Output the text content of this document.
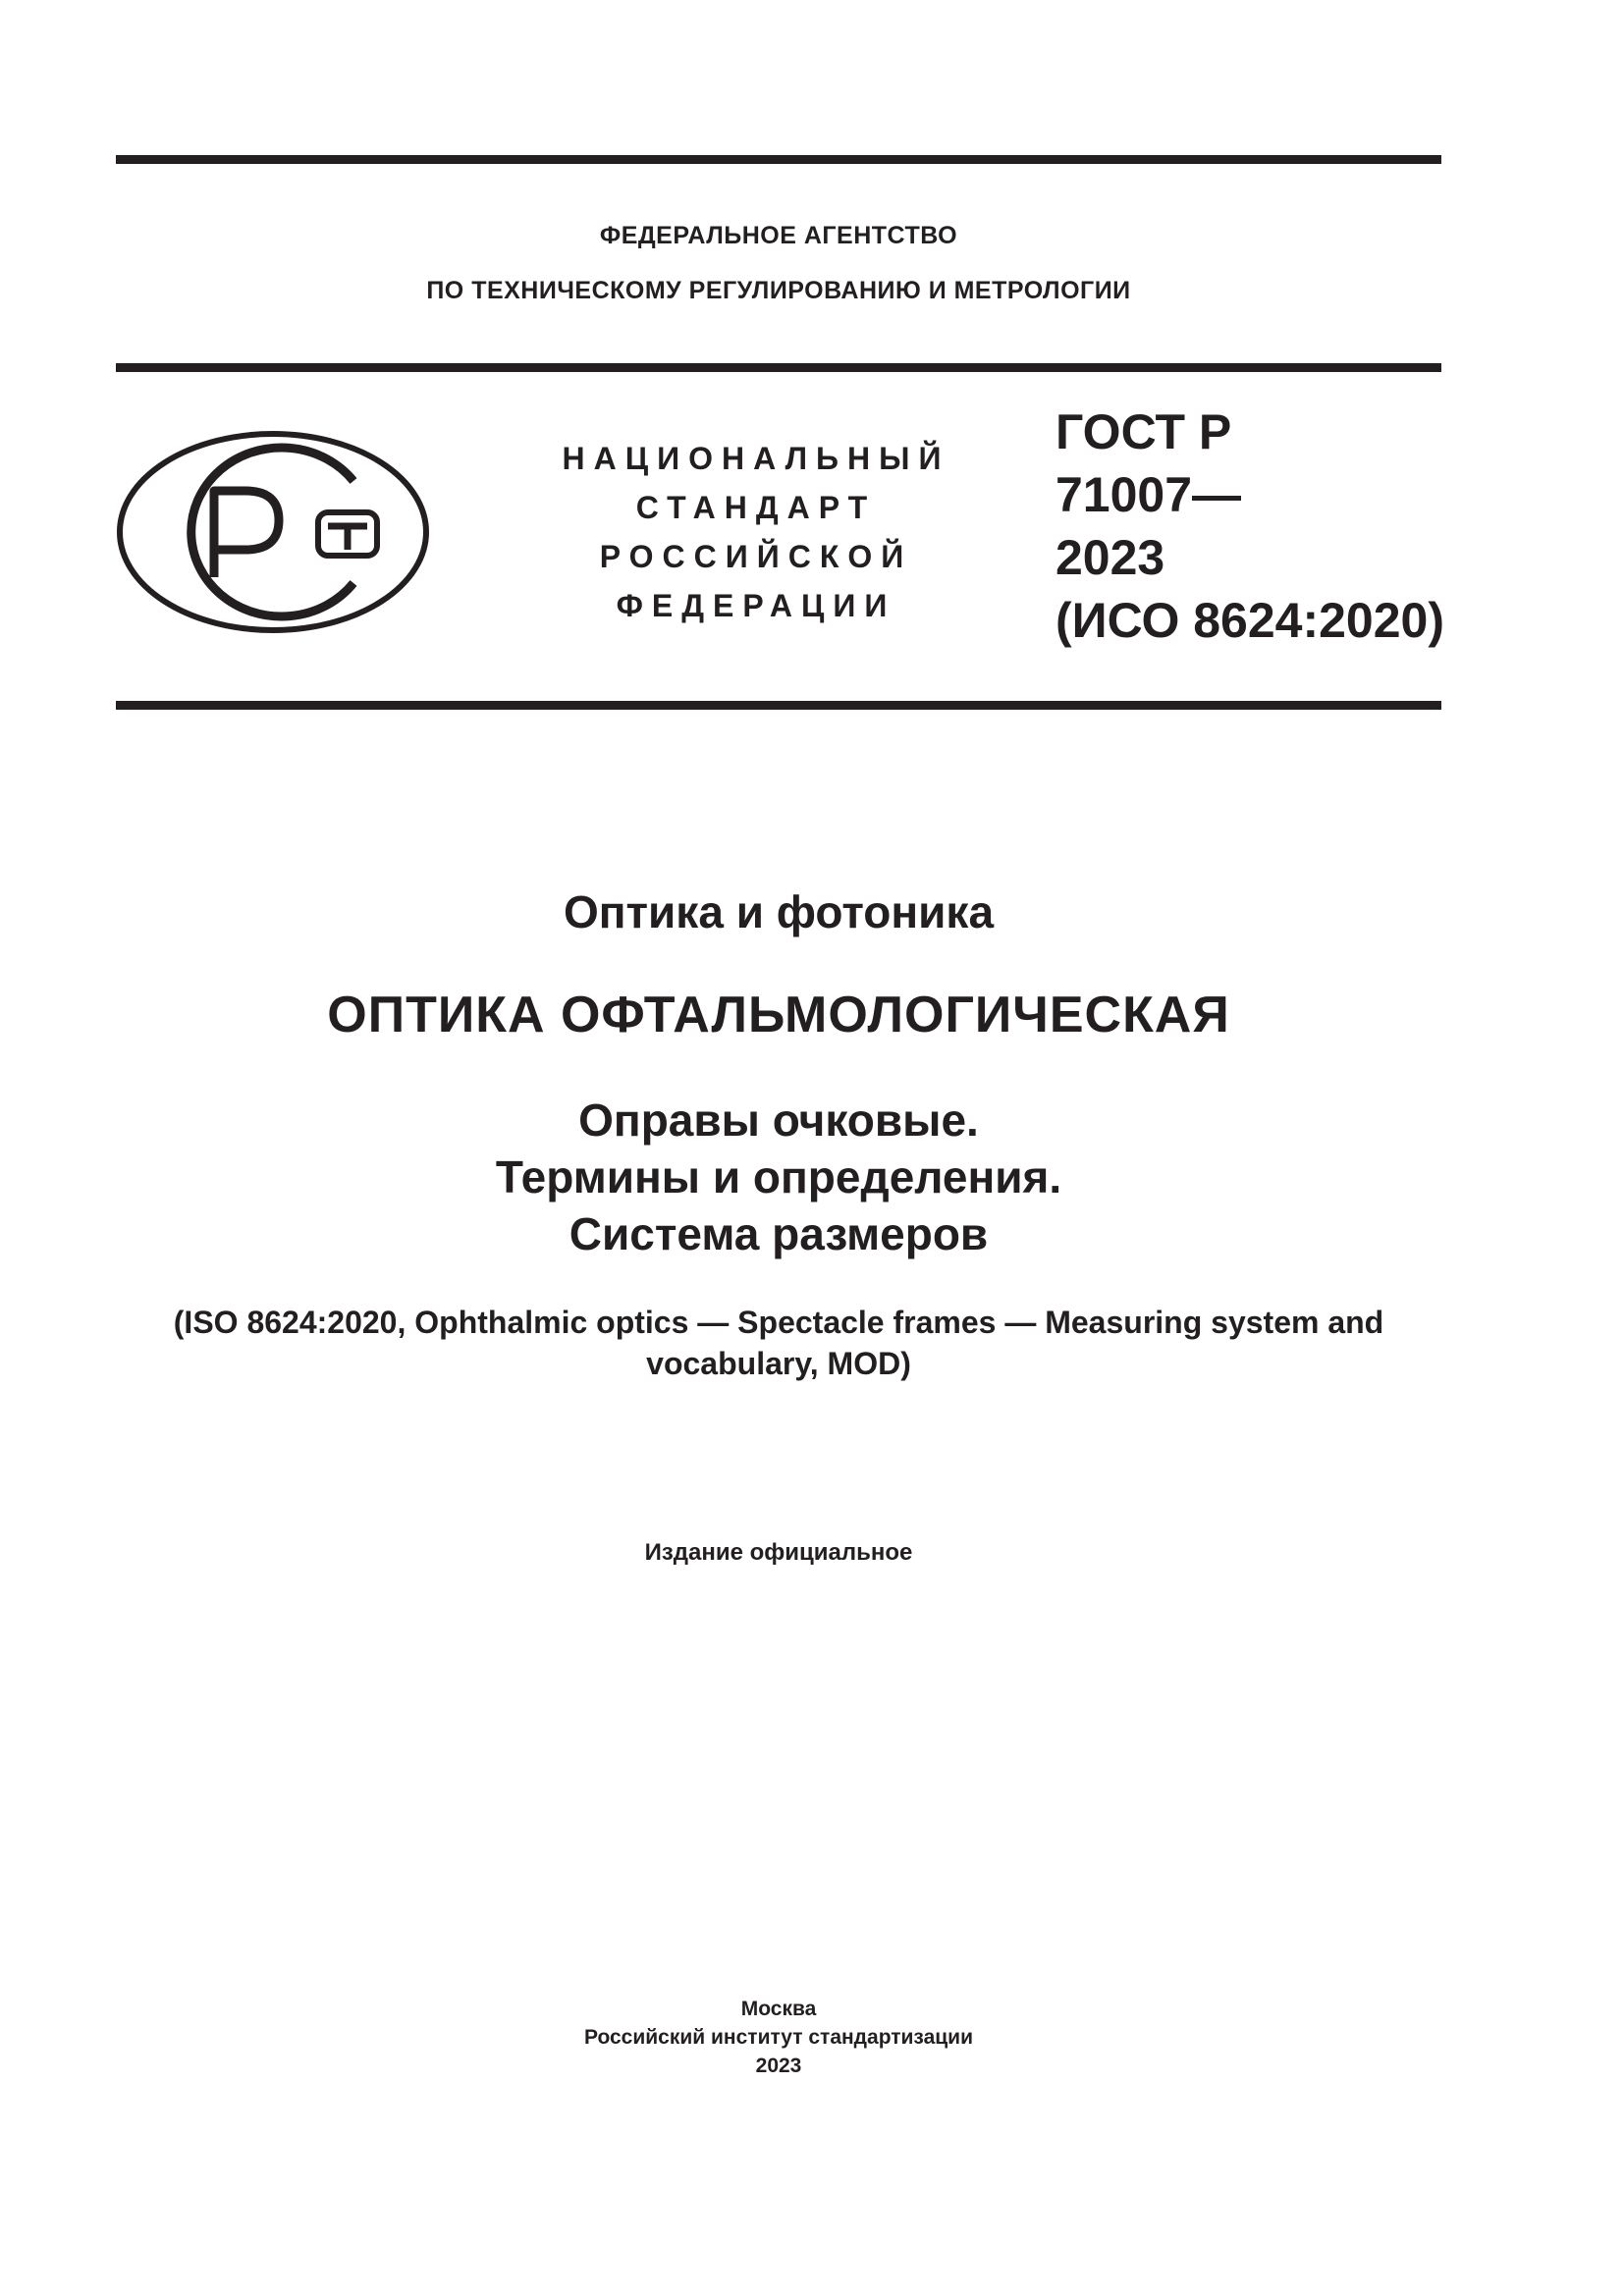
ФЕДЕРАЛЬНОЕ АГЕНТСТВО
ПО ТЕХНИЧЕСКОМУ РЕГУЛИРОВАНИЮ И МЕТРОЛОГИИ
НАЦИОНАЛЬНЫЙ
СТАНДАРТ
РОССИЙСКОЙ
ФЕДЕРАЦИИ
ГОСТ Р
71007—
2023
(ИСО 8624:2020)
Оптика и фотоника
ОПТИКА ОФТАЛЬМОЛОГИЧЕСКАЯ
Оправы очковые.
Термины и определения.
Система размеров
(ISO 8624:2020, Ophthalmic optics — Spectacle frames — Measuring system and
vocabulary, MOD)
Издание официальное
Москва
Российский институт стандартизации
2023
